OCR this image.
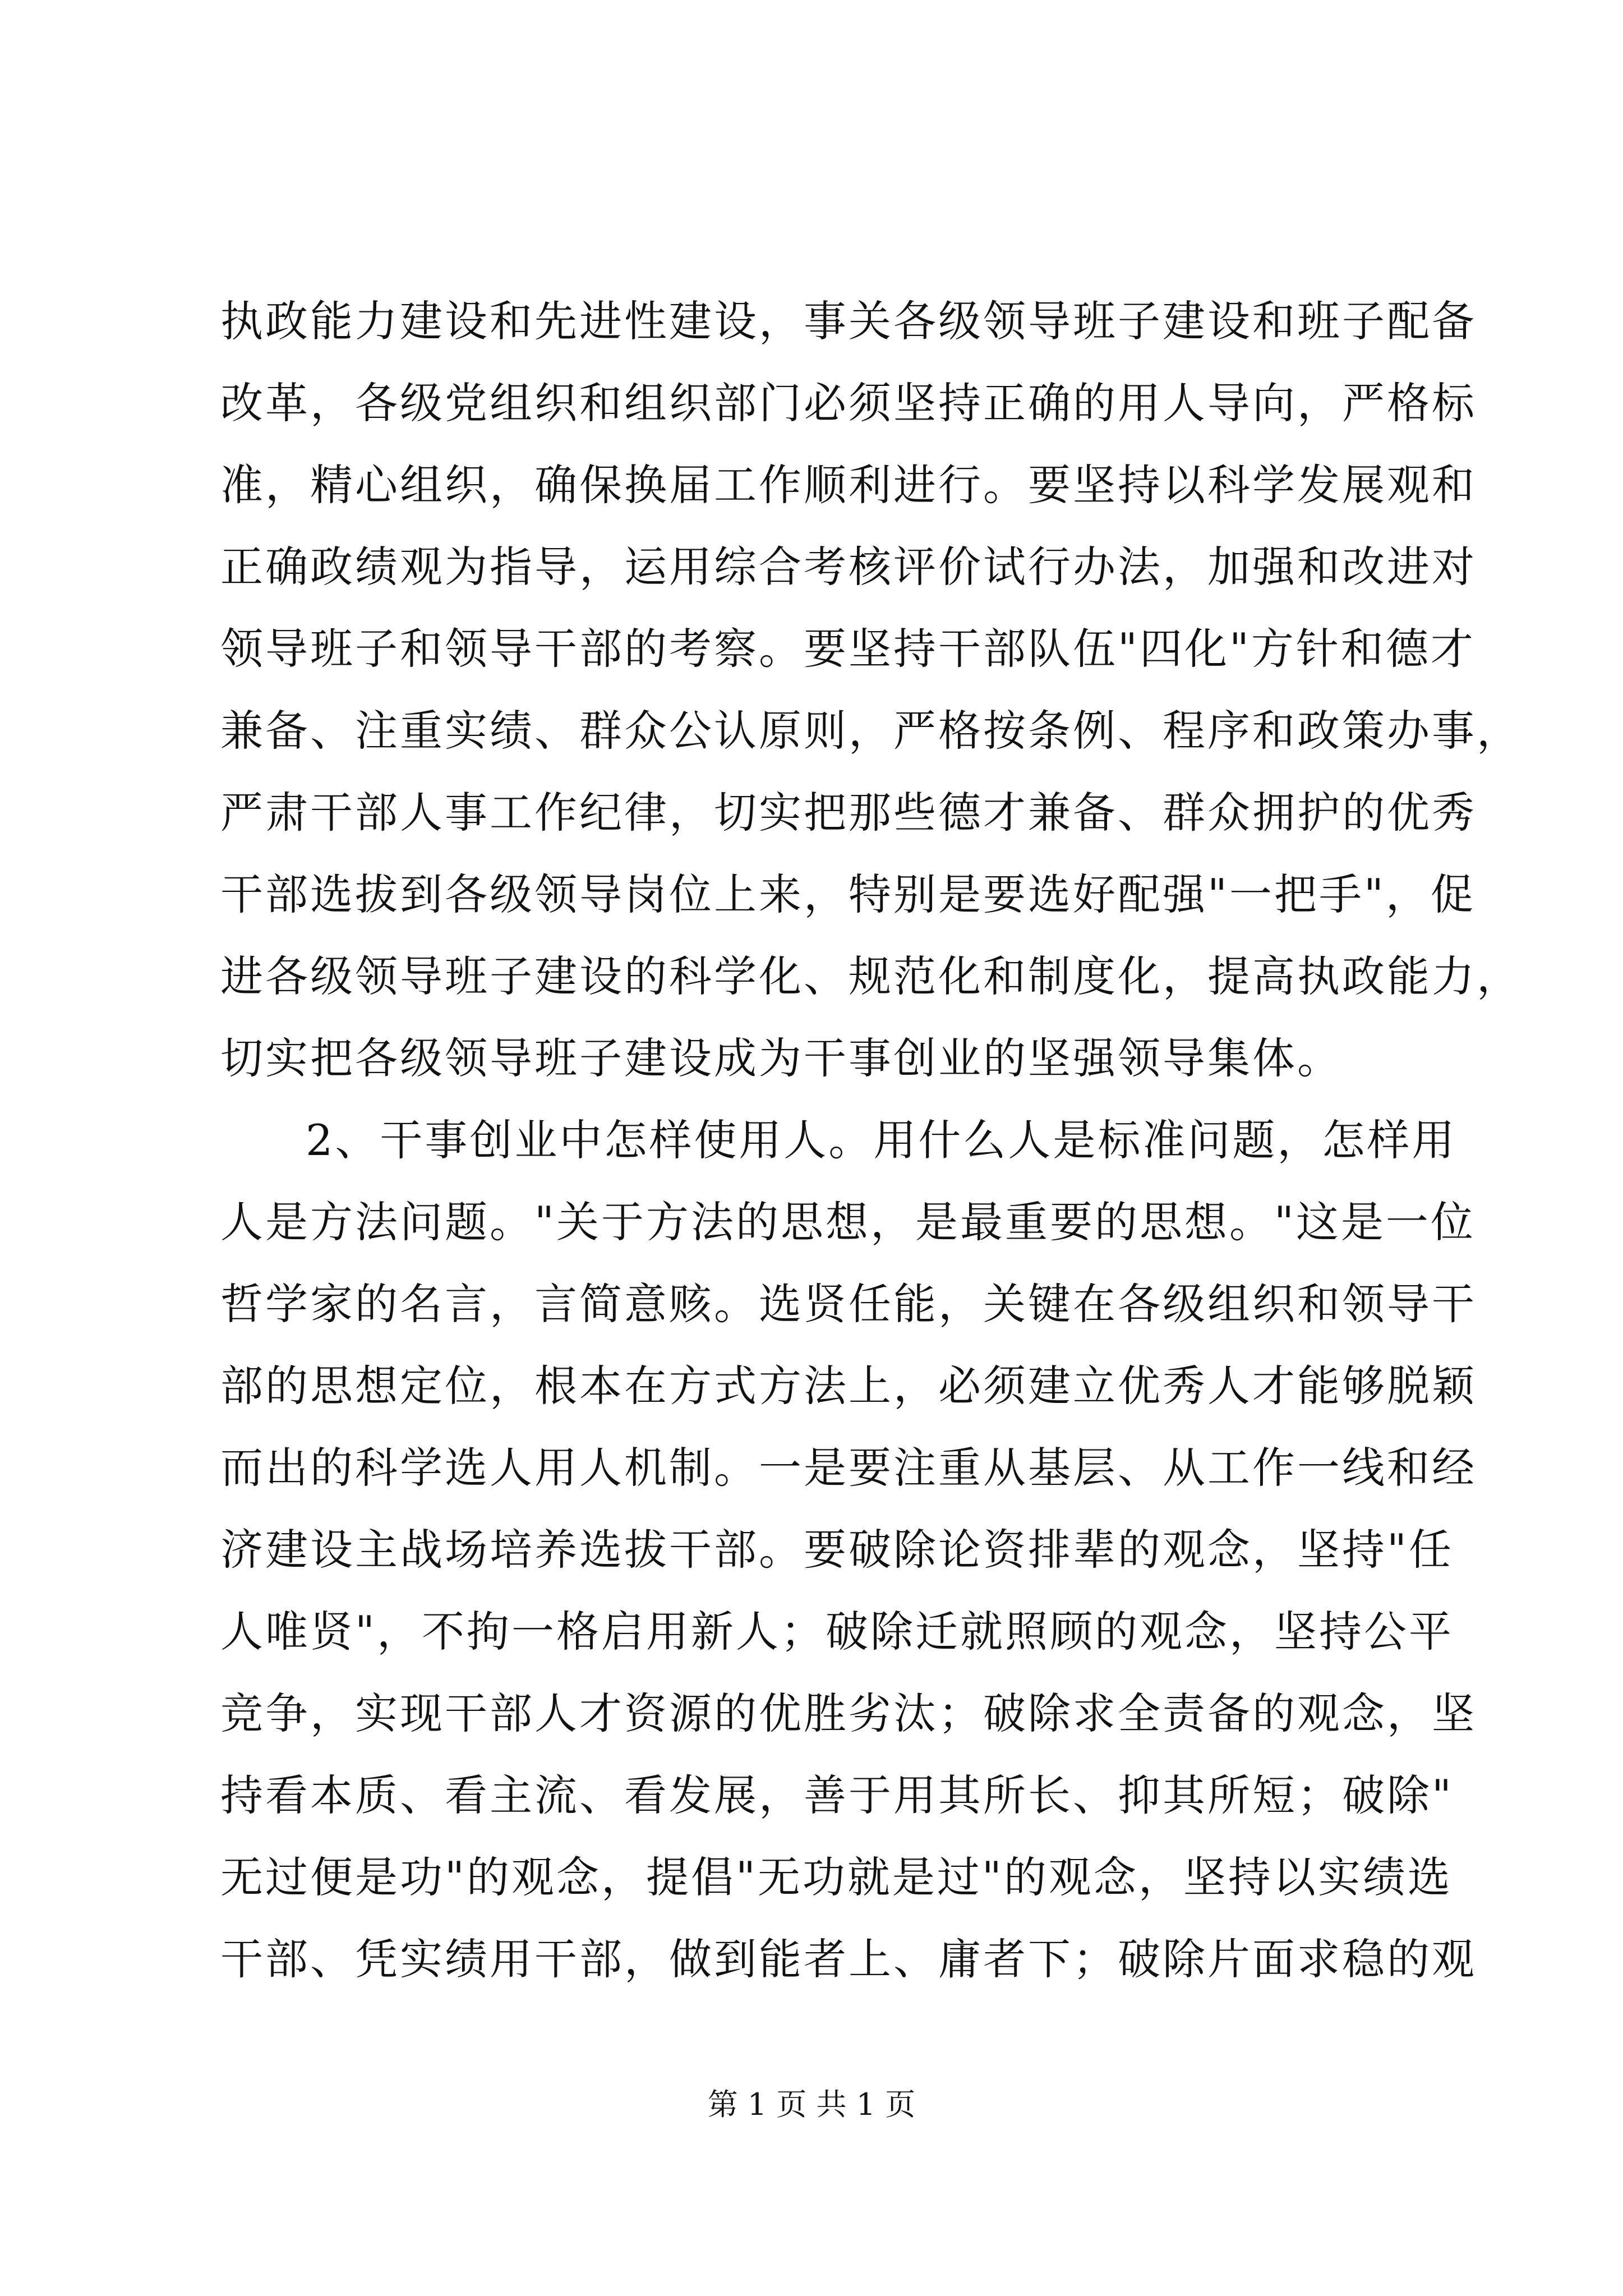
执政能力建设和先进性建设，事关各级领导班子建设和班子配备
改革，各级党组织和组织部门必须坚持正确的用人导向，严格标
准，精心组织，确保换届工作顺利进行。要坚持以科学发展观和
正确政绩观为指导，运用综合考核评价试行办法，加强和改进对
领导班子和领导干部的考察。要坚持干部队伍"四化"方针和德才
兼备、注重实绩、群众公认原则，严格按条例、程序和政策办事，
严肃干部人事工作纪律，切实把那些德才兼备、群众拥护的优秀
干部选拔到各级领导岗位上来，特别是要选好配强"一把手"，促
进各级领导班子建设的科学化、规范化和制度化，提高执政能力，
切实把各级领导班子建设成为干事创业的坚强领导集体。
2、干事创业中怎样使用人。用什么人是标准问题，怎样用
人是方法问题。"关于方法的思想，是最重要的思想。"这是一位
哲学家的名言，言简意赅。选贤任能，关键在各级组织和领导干
部的思想定位，根本在方式方法上，必须建立优秀人才能够脱颖
而出的科学选人用人机制。一是要注重从基层、从工作一线和经
济建设主战场培养选拔干部。要破除论资排辈的观念，坚持"任
人唯贤"，不拘一格启用新人；破除迁就照顾的观念，坚持公平
竞争，实现干部人才资源的优胜劣汰；破除求全责备的观念，坚
持看本质、看主流、看发展，善于用其所长、抑其所短；破除"
无过便是功"的观念，提倡"无功就是过"的观念，坚持以实绩选
干部、凭实绩用干部，做到能者上、庸者下；破除片面求稳的观
第 1 页 共 1 页
